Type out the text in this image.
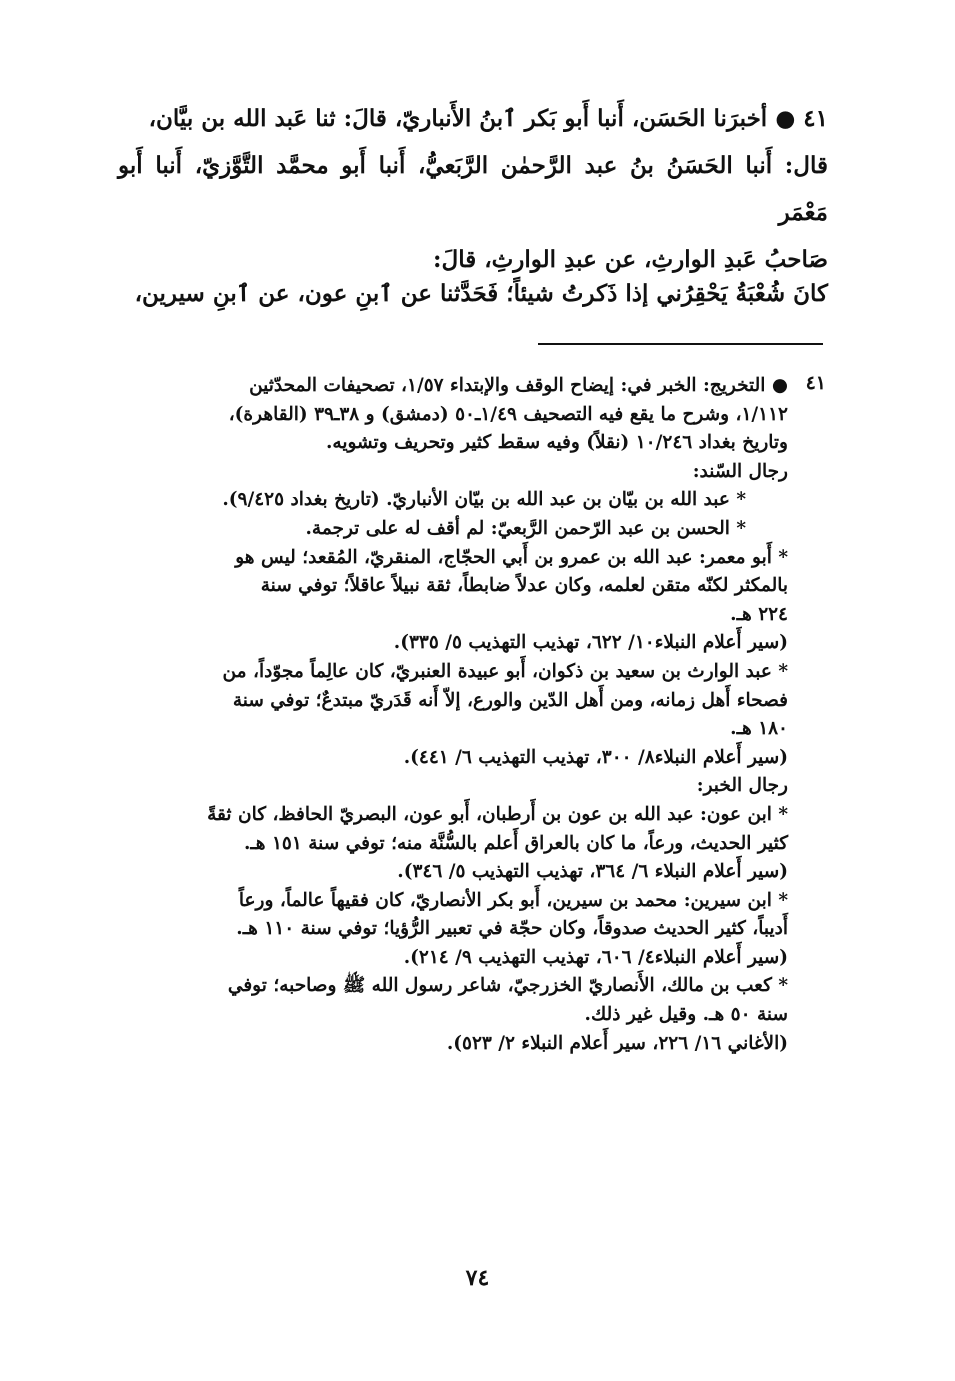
٤١ ● أخبرَنا الحَسَن، أَنبا أَبو بَكر ٱبنُ الأَنباريّ، قالَ: ثنا عَبد الله بن بيَّان،

قال: أَنبا الحَسَنُ بنُ عبد الرَّحمٰن الرَّبَعيُّ، أَنبا أَبو محمَّد التَّوَّزيّ، أَنبا أَبو مَعْمَر

صَاحبُ عَبدِ الوارثِ، عن عبدِ الوارثِ، قالَ:

كانَ شُعْبَةُ يَحْقِرُني إذا ذَكرتُ شيئاً؛ فَحَدَّثنا عن ٱبنِ عون، عن ٱبنِ سيرين،

٤١
● التخريج: الخبر في: إيضاح الوقف والإبتداء ١/٥٧، تصحيفات المحدّثين
١/١١٢، وشرح ما يقع فيه التصحيف ١/٤٩ـ٥٠ (دمشق) و ٣٨ـ٣٩ (القاهرة)،
وتاريخ بغداد ١٠/٢٤٦ (نقلاً) وفيه سقط كثير وتحريف وتشويه.
رجال السّند:
* عبد الله بن بيّان بن عبد الله بن بيّان الأنباريّ. (تاريخ بغداد ٩/٤٢٥).
* الحسن بن عبد الرّحمن الرَّبعيّ: لم أقف له على ترجمة.
* أَبو معمر: عبد الله بن عمرو بن أَبي الحجّاج، المنقريّ، المُقعد؛ ليس هو
بالمكثر لكنّه متقن لعلمه، وكان عدلاً ضابطاً، ثقة نبيلاً عاقلاً؛ توفي سنة
٢٢٤ هـ.
(سير أَعلام النبلاء١٠/ ٦٢٢، تهذيب التهذيب ٥/ ٣٣٥).
* عبد الوارث بن سعيد بن ذكوان، أَبو عبيدة العنبريّ، كان عالِماً مجوّداً، من
فصحاء أَهل زمانه، ومن أَهل الدّين والورع، إلاّ أَنه قَدَريّ مبتدعٌ؛ توفي سنة
١٨٠ هـ.
(سير أَعلام النبلاء٨/ ٣٠٠، تهذيب التهذيب ٦/ ٤٤١).
رجال الخبر:
* ابن عون: عبد الله بن عون بن أَرطبان، أَبو عون، البصريّ الحافظ، كان ثقةً
كثير الحديث، ورعاً، ما كان بالعراق أَعلم بالسُّنَّة منه؛ توفي سنة ١٥١ هـ.
(سير أَعلام النبلاء ٦/ ٣٦٤، تهذيب التهذيب ٥/ ٣٤٦).
* ابن سيرين: محمد بن سيرين، أَبو بكر الأنصاريّ، كان فقيهاً عالماً، ورعاً
أَديباً، كثير الحديث صدوقاً، وكان حجّة في تعبير الرُّؤيا؛ توفي سنة ١١٠ هـ.
(سير أَعلام النبلاء٤/ ٦٠٦، تهذيب التهذيب ٩/ ٢١٤).
* كعب بن مالك، الأَنصاريّ الخزرجيّ، شاعر رسول الله ﷺ وصاحبه؛ توفي
سنة ٥٠ هـ. وقيل غير ذلك.
(الأغاني ١٦/ ٢٢٦، سير أَعلام النبلاء ٢/ ٥٢٣).
٧٤
